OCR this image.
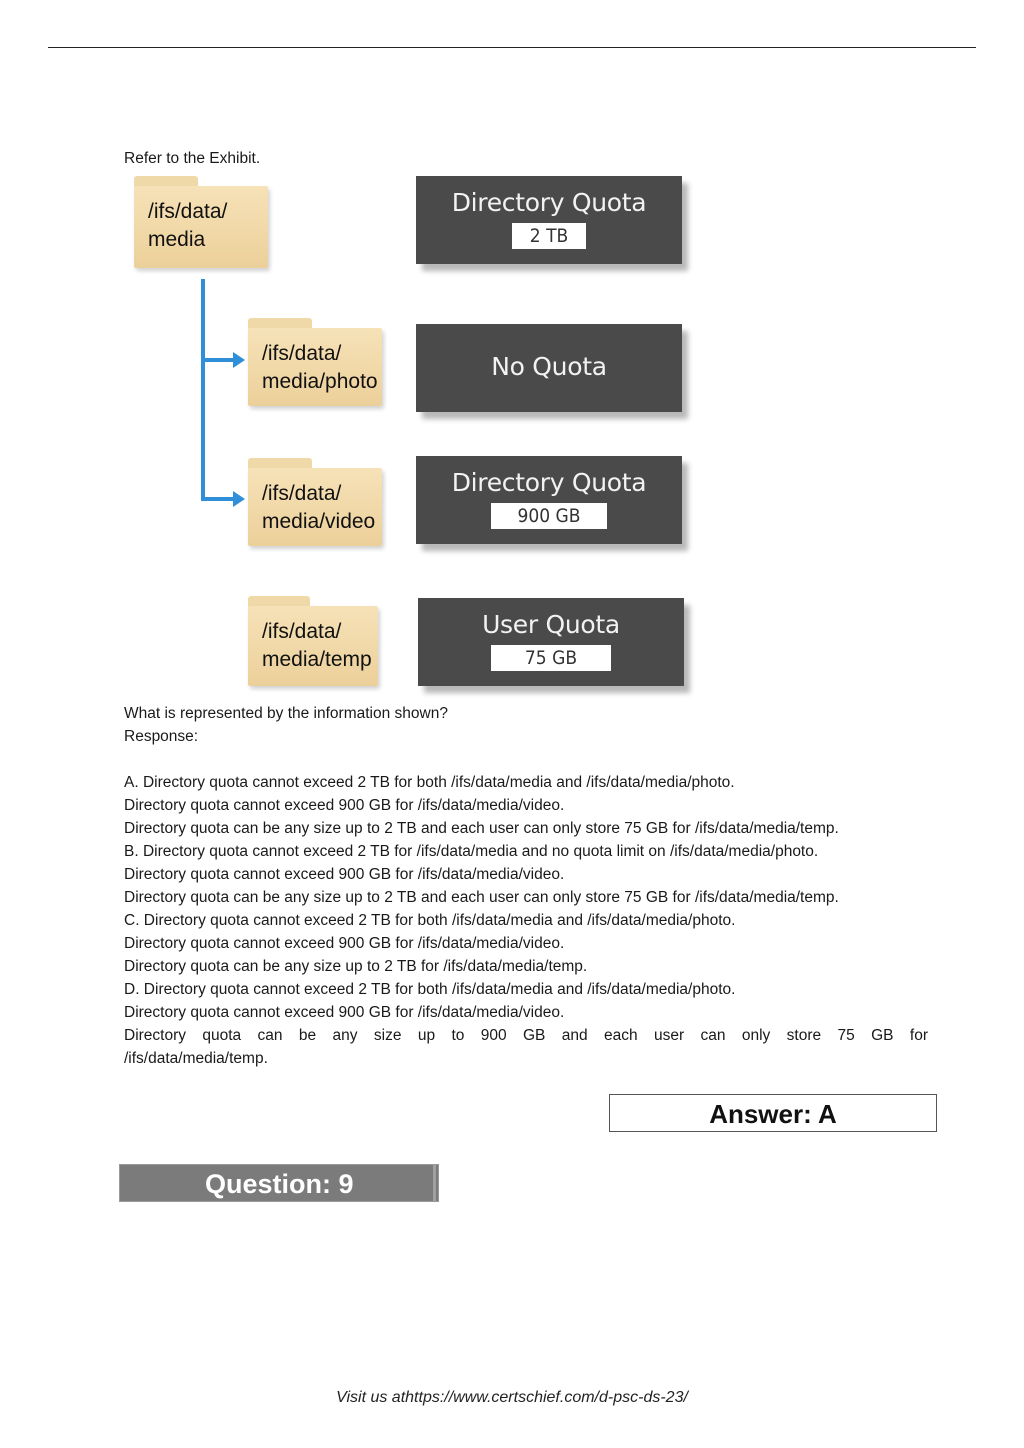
Refer to the Exhibit.
/ifs/data/
media
/ifs/data/
media/photo
/ifs/data/
media/video
/ifs/data/
media/temp
Directory Quota
2 TB
No Quota
Directory Quota
900 GB
User Quota
75 GB

What is represented by the information shown?

Response:

A. Directory quota cannot exceed 2 TB for both /ifs/data/media and /ifs/data/media/photo.

Directory quota cannot exceed 900 GB for /ifs/data/media/video.

Directory quota can be any size up to 2 TB and each user can only store 75 GB for /ifs/data/media/temp.

B. Directory quota cannot exceed 2 TB for /ifs/data/media and no quota limit on /ifs/data/media/photo.

Directory quota cannot exceed 900 GB for /ifs/data/media/video.

Directory quota can be any size up to 2 TB and each user can only store 75 GB for /ifs/data/media/temp.

C. Directory quota cannot exceed 2 TB for both /ifs/data/media and /ifs/data/media/photo.

Directory quota cannot exceed 900 GB for /ifs/data/media/video.

Directory quota can be any size up to 2 TB for /ifs/data/media/temp.

D. Directory quota cannot exceed 2 TB for both /ifs/data/media and /ifs/data/media/photo.

Directory quota cannot exceed 900 GB for /ifs/data/media/video.

Directory quota can be any size up to 900 GB and each user can only store 75 GB for

/ifs/data/media/temp.

Answer: A
Question: 9
Visit us athttps://www.certschief.com/d-psc-ds-23/
